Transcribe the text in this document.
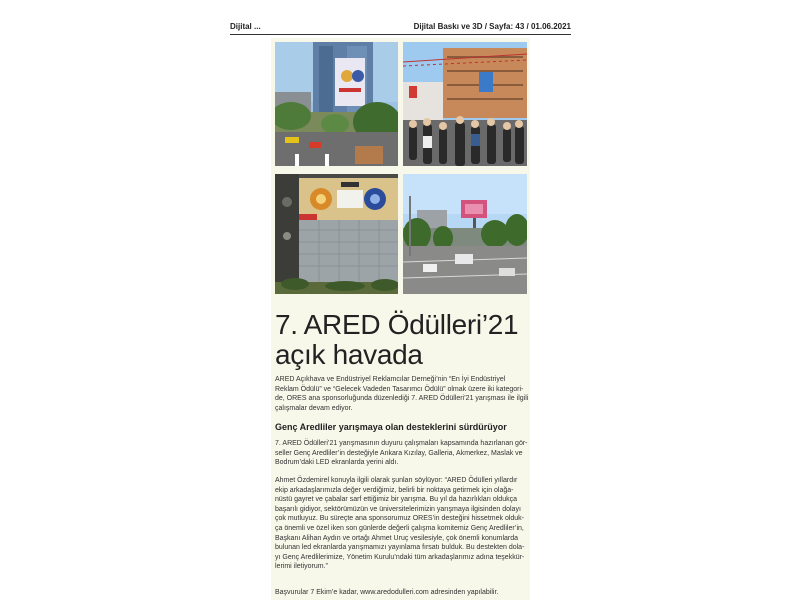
Dijital ...	Dijital Baskı ve 3D / Sayfa: 43 / 01.06.2021
7. ARED Ödülleri’21
açık havada
ARED Açıkhava ve Endüstriyel Reklamcılar Derneği’nin “En İyi Endüstriyel
Reklam Ödülü” ve “Gelecek Vadeden Tasarımcı Ödülü” olmak üzere iki kategori-
de, ORES ana sponsorluğunda düzenlediği 7. ARED Ödülleri’21 yarışması ile ilgili
çalışmalar devam ediyor.
Genç Aredliler yarışmaya olan desteklerini sürdürüyor
7. ARED Ödülleri’21 yarışmasının duyuru çalışmaları kapsamında hazırlanan gör-
seller Genç Aredliler’in desteğiyle Ankara Kızılay, Galleria, Akmerkez, Maslak ve
Bodrum’daki LED ekranlarda yerini aldı.
Ahmet Özdemirel konuyla ilgili olarak şunları söylüyor: “ARED Ödülleri yıllardır
ekip arkadaşlarımızla değer verdiğimiz, belirli bir noktaya getirmek için olağa-
nüstü gayret ve çabalar sarf ettiğimiz bir yarışma. Bu yıl da hazırlıkları oldukça
başarılı gidiyor, sektörümüzün ve üniversitelerimizin yarışmaya ilgisinden dolayı
çok mutluyuz. Bu süreçte ana sponsorumuz ORES’in desteğini hissetmek olduk-
ça önemli ve özel iken son günlerde değerli çalışma komitemiz Genç Aredliler’in,
Başkanı Alihan Aydın ve ortağı Ahmet Uruç vesilesiyle, çok önemli konumlarda
bulunan led ekranlarda yarışmamızı yayınlama fırsatı bulduk. Bu destekten dola-
yı Genç Aredlilerimize, Yönetim Kurulu’ndaki tüm arkadaşlarımız adına teşekkür-
lerimi iletiyorum.”
Başvurular 7 Ekim’e kadar, www.aredodulleri.com adresinden yapılabilir.
